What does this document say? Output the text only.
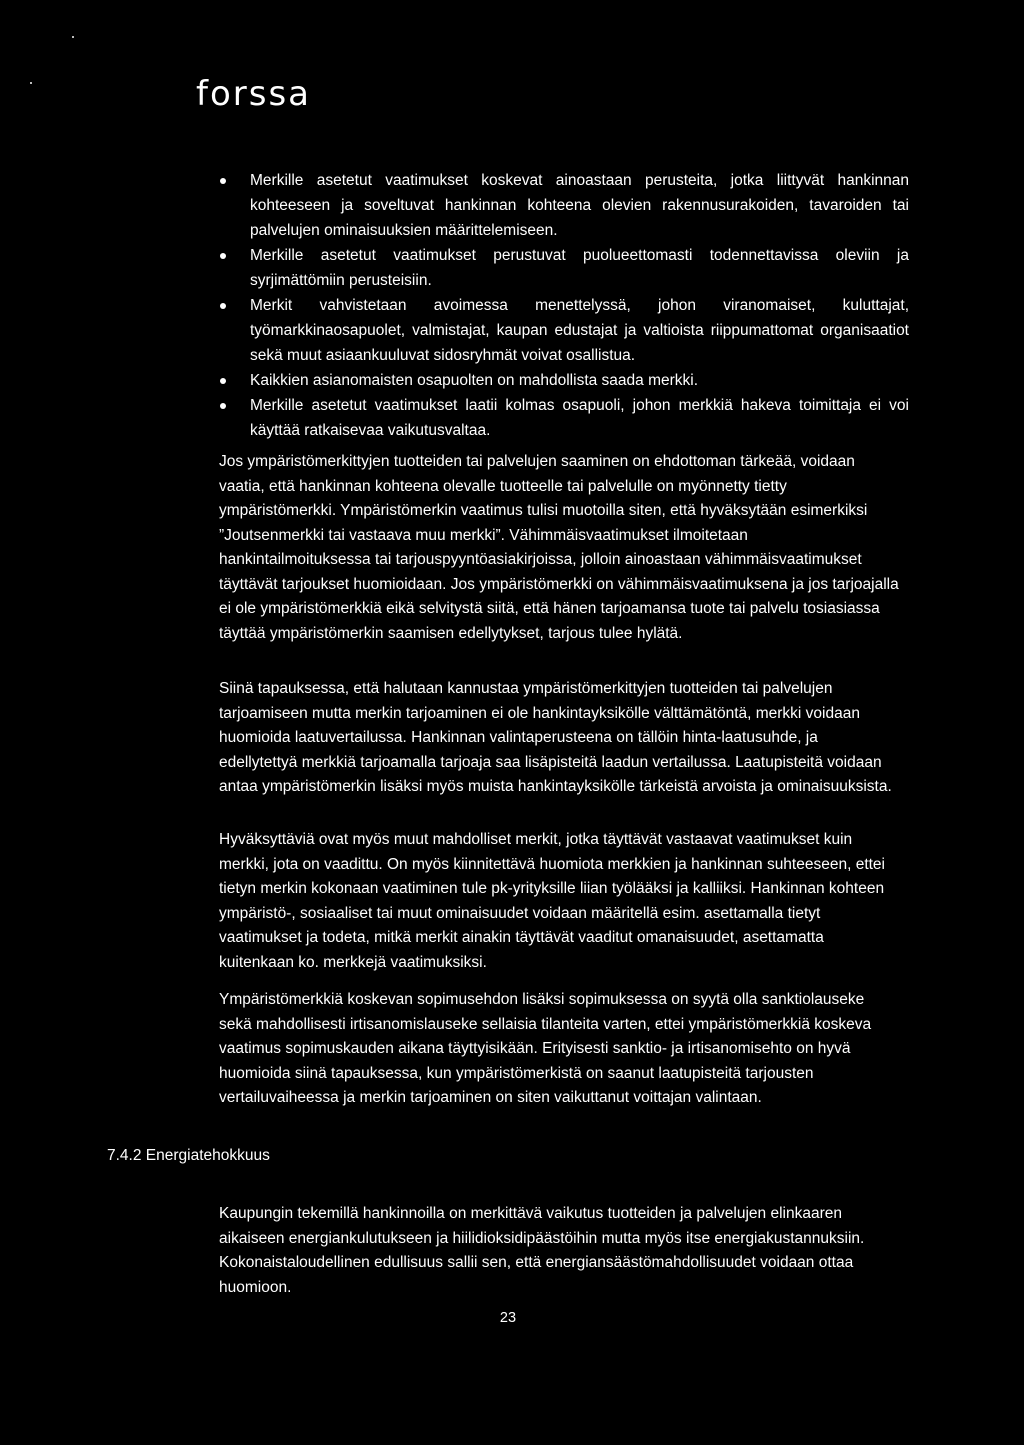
forssa
Merkille asetetut vaatimukset koskevat ainoastaan perusteita, jotka liittyvät hankinnan kohteeseen ja soveltuvat hankinnan kohteena olevien rakennusurakoiden, tavaroiden tai palvelujen ominaisuuksien määrittelemiseen.
Merkille asetetut vaatimukset perustuvat puolueettomasti todennettavissa oleviin ja syrjimättömiin perusteisiin.
Merkit vahvistetaan avoimessa menettelyssä, johon viranomaiset, kuluttajat, työmarkkinaosapuolet, valmistajat, kaupan edustajat ja valtioista riippumattomat organisaatiot sekä muut asiaankuuluvat sidosryhmät voivat osallistua.
Kaikkien asianomaisten osapuolten on mahdollista saada merkki.
Merkille asetetut vaatimukset laatii kolmas osapuoli, johon merkkiä hakeva toimittaja ei voi käyttää ratkaisevaa vaikutusvaltaa.

Jos ympäristömerkittyjen tuotteiden tai palvelujen saaminen on ehdottoman tärkeää, voidaan vaatia, että hankinnan kohteena olevalle tuotteelle tai palvelulle on myönnetty tietty ympäristömerkki. Ympäristömerkin vaatimus tulisi muotoilla siten, että hyväksytään esimerkiksi ”Joutsenmerkki tai vastaava muu merkki”. Vähimmäisvaatimukset ilmoitetaan hankintailmoituksessa tai tarjouspyyntöasiakirjoissa, jolloin ainoastaan vähimmäisvaatimukset täyttävät tarjoukset huomioidaan. Jos ympäristömerkki on vähimmäisvaatimuksena ja jos tarjoajalla ei ole ympäristömerkkiä eikä selvitystä siitä, että hänen tarjoamansa tuote tai palvelu tosiasiassa täyttää ympäristömerkin saamisen edellytykset, tarjous tulee hylätä.

Siinä tapauksessa, että halutaan kannustaa ympäristömerkittyjen tuotteiden tai palvelujen tarjoamiseen mutta merkin tarjoaminen ei ole hankintayksikölle välttämätöntä, merkki voidaan huomioida laatuvertailussa. Hankinnan valintaperusteena on tällöin hinta-laatusuhde, ja edellytettyä merkkiä tarjoamalla tarjoaja saa lisäpisteitä laadun vertailussa. Laatupisteitä voidaan antaa ympäristömerkin lisäksi myös muista hankintayksikölle tärkeistä arvoista ja ominaisuuksista.

Hyväksyttäviä ovat myös muut mahdolliset merkit, jotka täyttävät vastaavat vaatimukset kuin merkki, jota on vaadittu. On myös kiinnitettävä huomiota merkkien ja hankinnan suhteeseen, ettei tietyn merkin kokonaan vaatiminen tule pk-yrityksille liian työlääksi ja kalliiksi. Hankinnan kohteen ympäristö-, sosiaaliset tai muut ominaisuudet voidaan määritellä esim. asettamalla tietyt vaatimukset ja todeta, mitkä merkit ainakin täyttävät vaaditut omanaisuudet, asettamatta kuitenkaan ko. merkkejä vaatimuksiksi.

Ympäristömerkkiä koskevan sopimusehdon lisäksi sopimuksessa on syytä olla sanktiolauseke sekä mahdollisesti irtisanomislauseke sellaisia tilanteita varten, ettei ympäristömerkkiä koskeva vaatimus sopimuskauden aikana täyttyisikään. Erityisesti sanktio- ja irtisanomisehto on hyvä huomioida siinä tapauksessa, kun ympäristömerkistä on saanut laatupisteitä tarjousten vertailuvaiheessa ja merkin tarjoaminen on siten vaikuttanut voittajan valintaan.

7.4.2 Energiatehokkuus

Kaupungin tekemillä hankinnoilla on merkittävä vaikutus tuotteiden ja palvelujen elinkaaren aikaiseen energiankulutukseen ja hiilidioksidipäästöihin mutta myös itse energiakustannuksiin. Kokonaistaloudellinen edullisuus sallii sen, että energiansäästömahdollisuudet voidaan ottaa huomioon.

23
